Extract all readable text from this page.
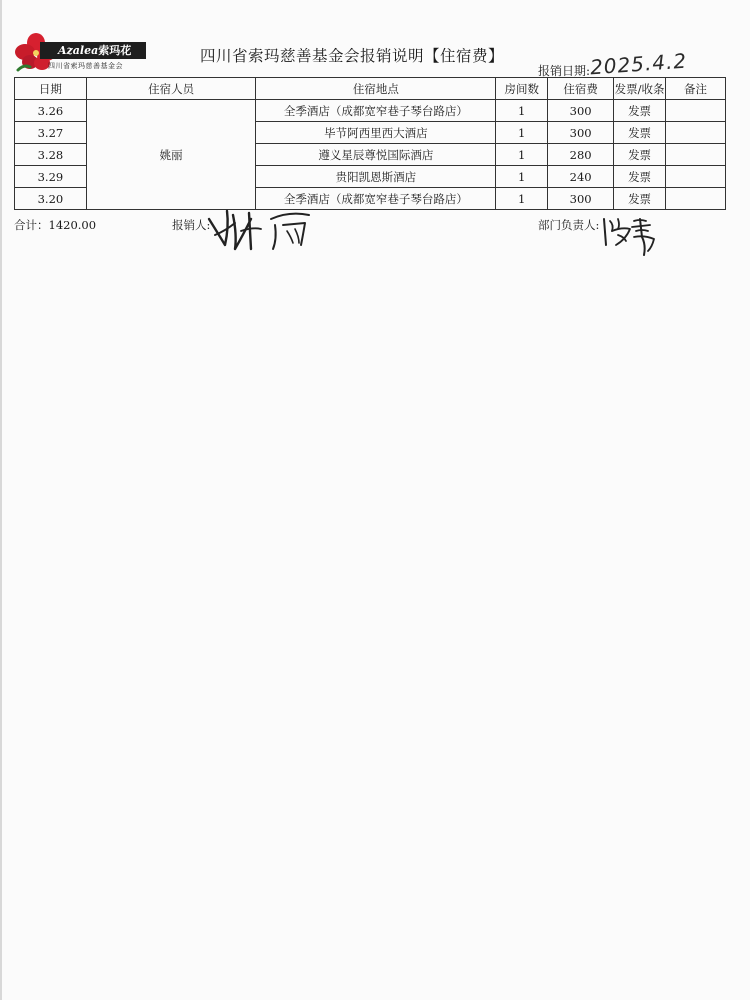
Azalea索玛花
四川省索玛慈善基金会
四川省索玛慈善基金会报销说明【住宿费】
报销日期: 2025.4.2
日期	住宿人员	住宿地点	房间数	住宿费	发票/收条	备注
3.26	姚丽	全季酒店（成都宽窄巷子琴台路店）	1	300	发票	
3.27		毕节阿西里西大酒店	1	300	发票	
3.28		遵义星辰尊悦国际酒店	1	280	发票	
3.29		贵阳凯恩斯酒店	1	240	发票	
3.20		全季酒店（成都宽窄巷子琴台路店）	1	300	发票	
合计：1420.00	报销人:	部门负责人:
